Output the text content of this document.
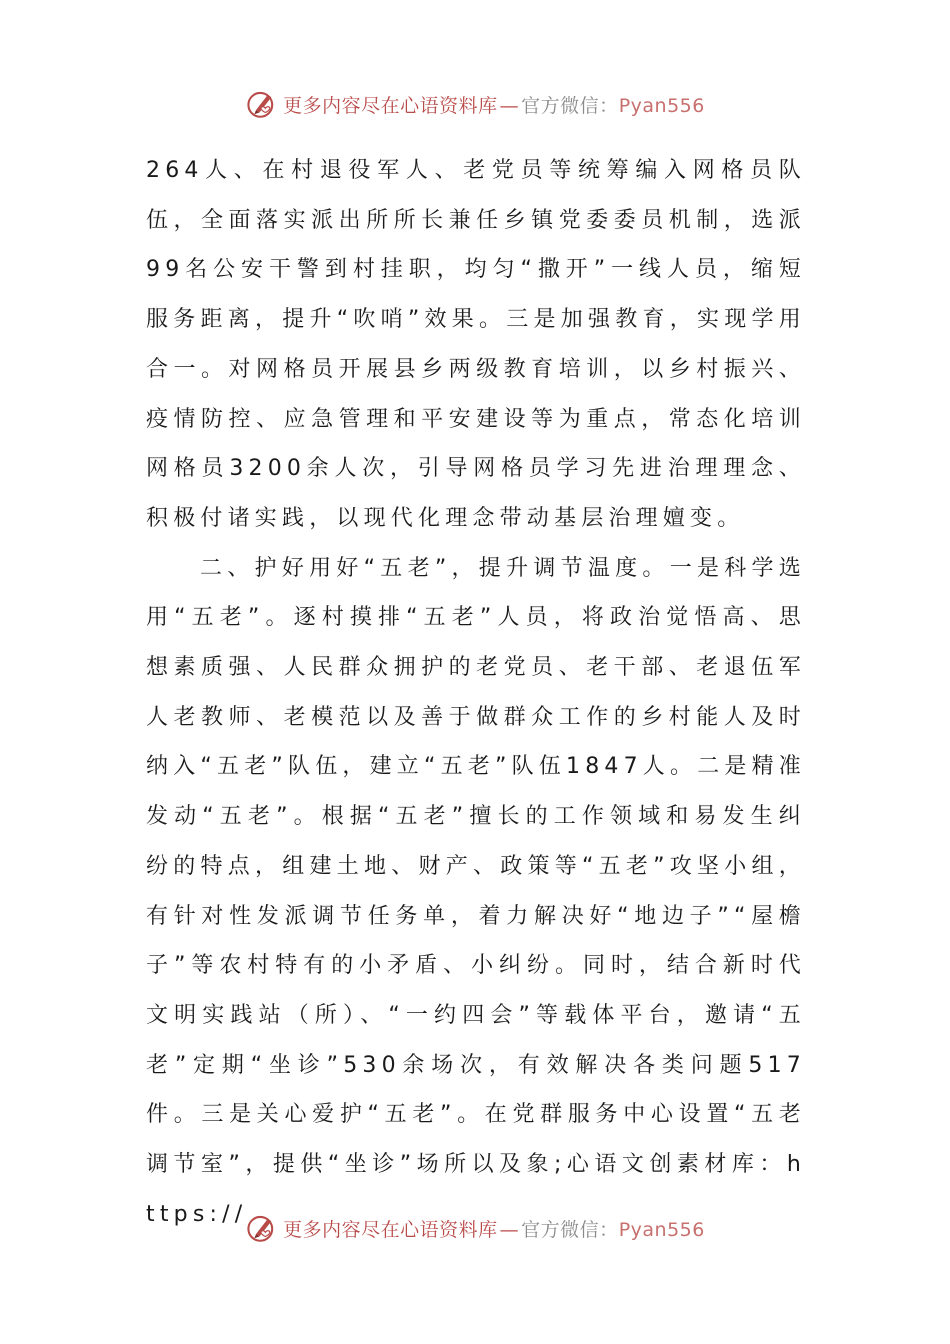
更多内容尽在心语资料库 — 官方微信：Pyan556

264人、在村退役军人、老党员等统筹编入网格员队伍，全面落实派出所所长兼任乡镇党委委员机制，选派99名公安干警到村挂职，均匀“撒开”一线人员，缩短服务距离，提升“吹哨”效果。三是加强教育，实现学用合一。对网格员开展县乡两级教育培训，以乡村振兴、疫情防控、应急管理和平安建设等为重点，常态化培训网格员3200余人次，引导网格员学习先进治理理念、积极付诸实践，以现代化理念带动基层治理嬗变。

二、护好用好“五老”，提升调节温度。一是科学选用“五老”。逐村摸排“五老”人员，将政治觉悟高、思想素质强、人民群众拥护的老党员、老干部、老退伍军人老教师、老模范以及善于做群众工作的乡村能人及时纳入“五老”队伍，建立“五老”队伍1847人。二是精准发动“五老”。根据“五老”擅长的工作领域和易发生纠纷的特点，组建土地、财产、政策等“五老”攻坚小组，有针对性发派调节任务单，着力解决好“地边子”“屋檐子”等农村特有的小矛盾、小纠纷。同时，结合新时代文明实践站（所）、“一约四会”等载体平台，邀请“五老”定期“坐诊”530余场次，有效解决各类问题517件。三是关心爱护“五老”。在党群服务中心设置“五老调节室”，提供“坐诊”场所以及象;心语文创素材库：https://

更多内容尽在心语资料库 — 官方微信：Pyan556
